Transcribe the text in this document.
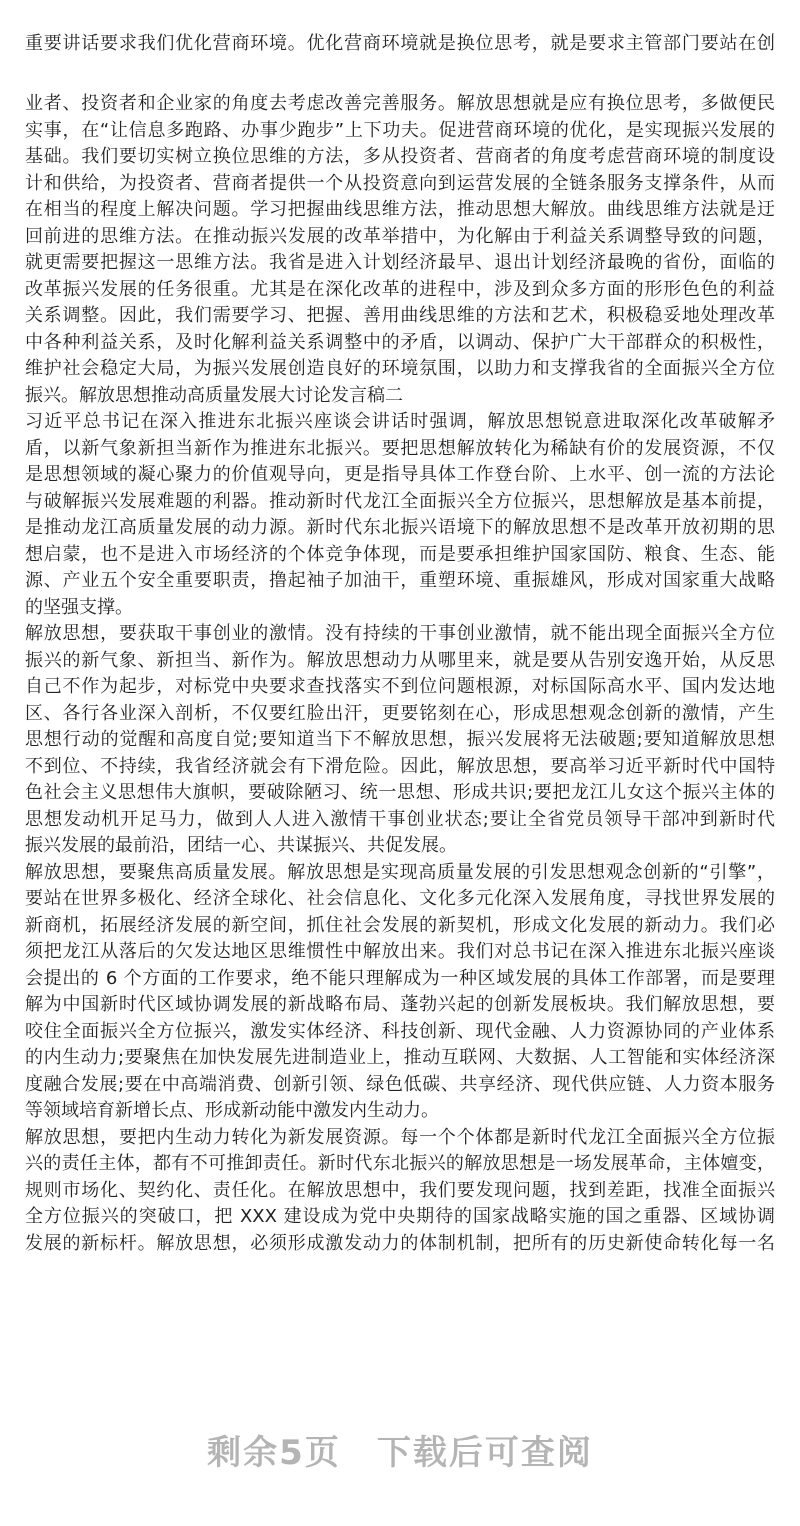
重要讲话要求我们优化营商环境。优化营商环境就是换位思考，就是要求主管部门要站在创
业者、投资者和企业家的角度去考虑改善完善服务。解放思想就是应有换位思考，多做便民
实事，在“让信息多跑路、办事少跑步”上下功夫。促进营商环境的优化，是实现振兴发展的
基础。我们要切实树立换位思维的方法，多从投资者、营商者的角度考虑营商环境的制度设
计和供给，为投资者、营商者提供一个从投资意向到运营发展的全链条服务支撑条件，从而
在相当的程度上解决问题。学习把握曲线思维方法，推动思想大解放。曲线思维方法就是迂
回前进的思维方法。在推动振兴发展的改革举措中，为化解由于利益关系调整导致的问题，
就更需要把握这一思维方法。我省是进入计划经济最早、退出计划经济最晚的省份，面临的
改革振兴发展的任务很重。尤其是在深化改革的进程中，涉及到众多方面的形形色色的利益
关系调整。因此，我们需要学习、把握、善用曲线思维的方法和艺术，积极稳妥地处理改革
中各种利益关系，及时化解利益关系调整中的矛盾，以调动、保护广大干部群众的积极性，
维护社会稳定大局，为振兴发展创造良好的环境氛围，以助力和支撑我省的全面振兴全方位
振兴。解放思想推动高质量发展大讨论发言稿二
习近平总书记在深入推进东北振兴座谈会讲话时强调，解放思想锐意进取深化改革破解矛
盾，以新气象新担当新作为推进东北振兴。要把思想解放转化为稀缺有价的发展资源，不仅
是思想领域的凝心聚力的价值观导向，更是指导具体工作登台阶、上水平、创一流的方法论
与破解振兴发展难题的利器。推动新时代龙江全面振兴全方位振兴，思想解放是基本前提，
是推动龙江高质量发展的动力源。新时代东北振兴语境下的解放思想不是改革开放初期的思
想启蒙，也不是进入市场经济的个体竞争体现，而是要承担维护国家国防、粮食、生态、能
源、产业五个安全重要职责，撸起袖子加油干，重塑环境、重振雄风，形成对国家重大战略
的坚强支撑。
解放思想，要获取干事创业的激情。没有持续的干事创业激情，就不能出现全面振兴全方位
振兴的新气象、新担当、新作为。解放思想动力从哪里来，就是要从告别安逸开始，从反思
自己不作为起步，对标党中央要求查找落实不到位问题根源，对标国际高水平、国内发达地
区、各行各业深入剖析，不仅要红脸出汗，更要铭刻在心，形成思想观念创新的激情，产生
思想行动的觉醒和高度自觉;要知道当下不解放思想，振兴发展将无法破题;要知道解放思想
不到位、不持续，我省经济就会有下滑危险。因此，解放思想，要高举习近平新时代中国特
色社会主义思想伟大旗帜，要破除陋习、统一思想、形成共识;要把龙江儿女这个振兴主体的
思想发动机开足马力，做到人人进入激情干事创业状态;要让全省党员领导干部冲到新时代
振兴发展的最前沿，团结一心、共谋振兴、共促发展。
解放思想，要聚焦高质量发展。解放思想是实现高质量发展的引发思想观念创新的“引擎”，
要站在世界多极化、经济全球化、社会信息化、文化多元化深入发展角度，寻找世界发展的
新商机，拓展经济发展的新空间，抓住社会发展的新契机，形成文化发展的新动力。我们必
须把龙江从落后的欠发达地区思维惯性中解放出来。我们对总书记在深入推进东北振兴座谈
会提出的 6 个方面的工作要求，绝不能只理解成为一种区域发展的具体工作部署，而是要理
解为中国新时代区域协调发展的新战略布局、蓬勃兴起的创新发展板块。我们解放思想，要
咬住全面振兴全方位振兴，激发实体经济、科技创新、现代金融、人力资源协同的产业体系
的内生动力;要聚焦在加快发展先进制造业上，推动互联网、大数据、人工智能和实体经济深
度融合发展;要在中高端消费、创新引领、绿色低碳、共享经济、现代供应链、人力资本服务
等领域培育新增长点、形成新动能中激发内生动力。
解放思想，要把内生动力转化为新发展资源。每一个个体都是新时代龙江全面振兴全方位振
兴的责任主体，都有不可推卸责任。新时代东北振兴的解放思想是一场发展革命，主体嬗变，
规则市场化、契约化、责任化。在解放思想中，我们要发现问题，找到差距，找准全面振兴
全方位振兴的突破口，把 XXX 建设成为党中央期待的国家战略实施的国之重器、区域协调
发展的新标杆。解放思想，必须形成激发动力的体制机制，把所有的历史新使命转化每一名
剩余5页 下载后可查阅
